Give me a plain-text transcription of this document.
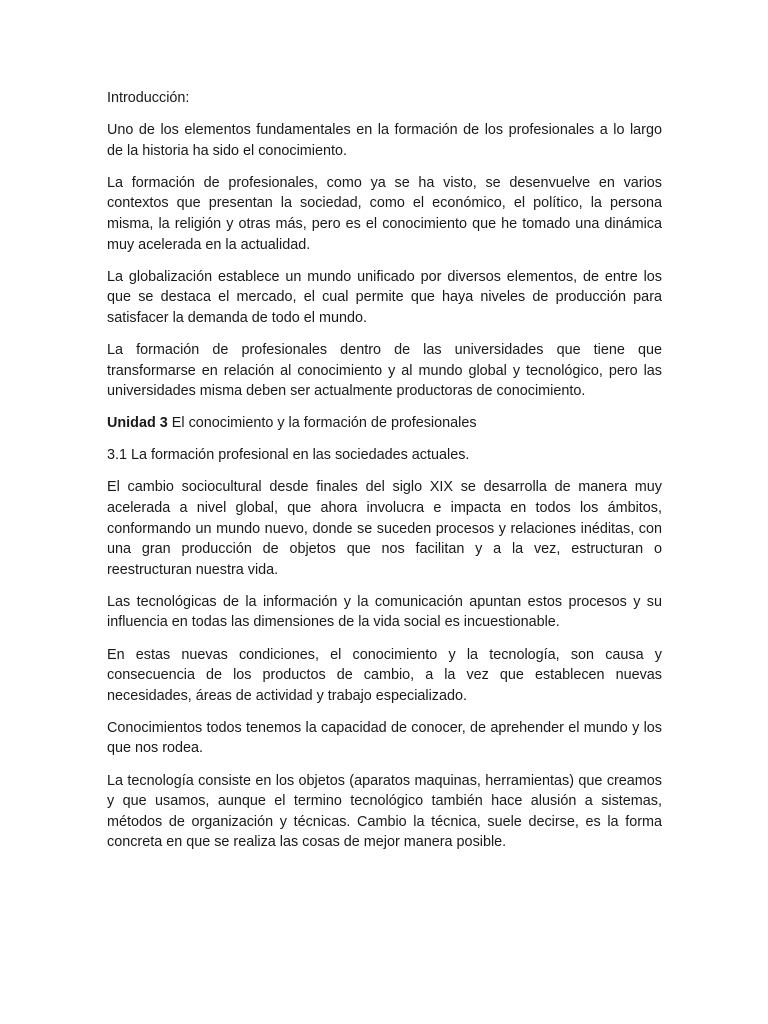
Introducción:

Uno de los elementos fundamentales en la formación de los profesionales a lo largo de la historia ha sido el conocimiento.

La formación de profesionales, como ya se ha visto, se desenvuelve en varios contextos que presentan la sociedad, como el económico, el político, la persona misma, la religión y otras más, pero es el conocimiento que he tomado una dinámica muy acelerada en la actualidad.

La globalización establece un mundo unificado por diversos elementos, de entre los que se destaca el mercado, el cual permite que haya niveles de producción para satisfacer la demanda de todo el mundo.

La formación de profesionales dentro de las universidades que tiene que transformarse en relación al conocimiento y al mundo global y tecnológico, pero las universidades misma deben ser actualmente productoras de conocimiento.

Unidad 3 El conocimiento y la formación de profesionales

3.1 La formación profesional en las sociedades actuales.

El cambio sociocultural desde finales del siglo XIX se desarrolla de manera muy acelerada a nivel global, que ahora involucra e impacta en todos los ámbitos, conformando un mundo nuevo, donde se suceden procesos y relaciones inéditas, con una gran producción de objetos que nos facilitan y a la vez, estructuran o reestructuran nuestra vida.

Las tecnológicas de la información y la comunicación apuntan estos procesos y su influencia en todas las dimensiones de la vida social es incuestionable.

En estas nuevas condiciones, el conocimiento y la tecnología, son causa y consecuencia de los productos de cambio, a la vez que establecen nuevas necesidades, áreas de actividad y trabajo especializado.

Conocimientos todos tenemos la capacidad de conocer, de aprehender el mundo y los que nos rodea.

La tecnología consiste en los objetos (aparatos maquinas, herramientas) que creamos y que usamos, aunque el termino tecnológico también hace alusión a sistemas, métodos de organización y técnicas. Cambio la técnica, suele decirse, es la forma concreta en que se realiza las cosas de mejor manera posible.
